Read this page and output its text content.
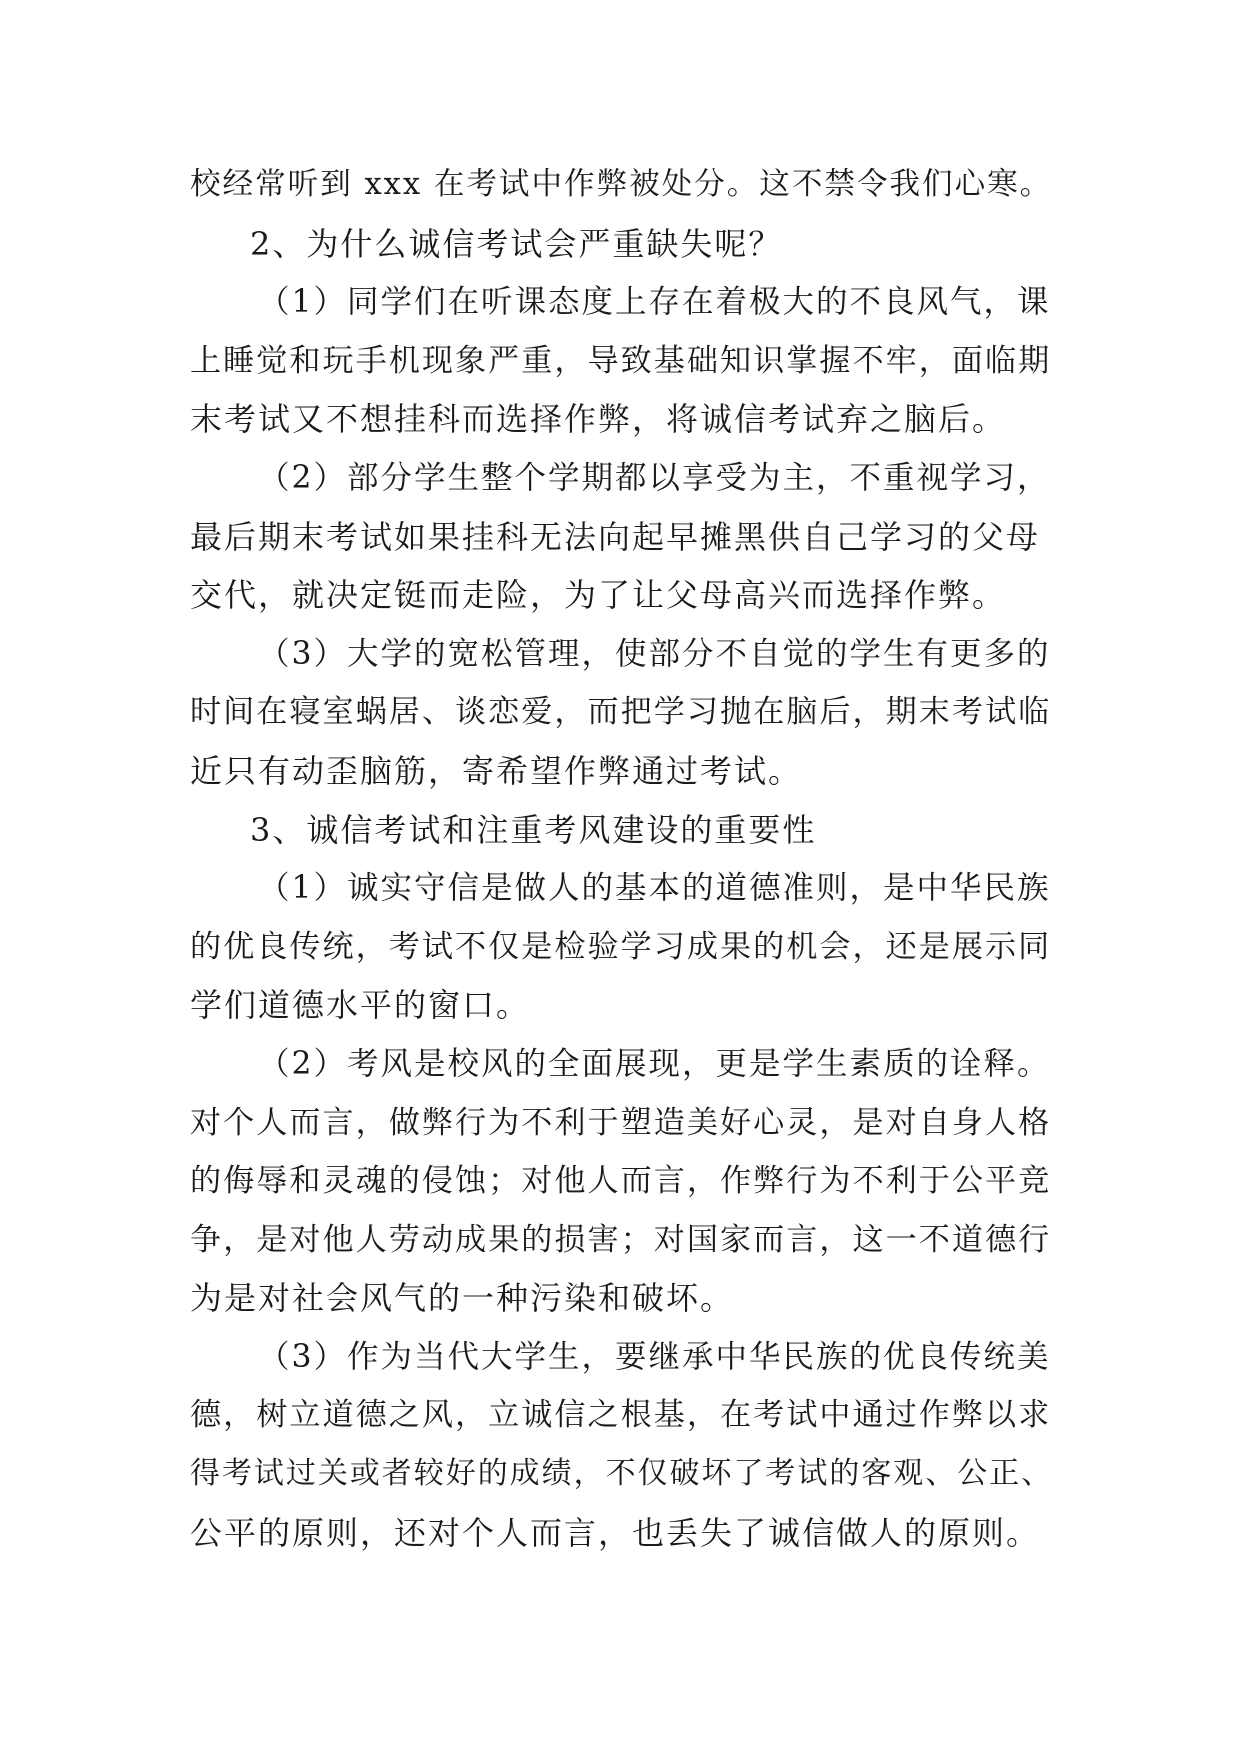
校经常听到 xxx 在考试中作弊被处分。这不禁令我们心寒。
2、为什么诚信考试会严重缺失呢？
（1）同学们在听课态度上存在着极大的不良风气，课
上睡觉和玩手机现象严重，导致基础知识掌握不牢，面临期
末考试又不想挂科而选择作弊，将诚信考试弃之脑后。
（2）部分学生整个学期都以享受为主，不重视学习，
最后期末考试如果挂科无法向起早摊黑供自己学习的父母
交代，就决定铤而走险，为了让父母高兴而选择作弊。
（3）大学的宽松管理，使部分不自觉的学生有更多的
时间在寝室蜗居、谈恋爱，而把学习抛在脑后，期末考试临
近只有动歪脑筋，寄希望作弊通过考试。
3、诚信考试和注重考风建设的重要性
（1）诚实守信是做人的基本的道德准则，是中华民族
的优良传统，考试不仅是检验学习成果的机会，还是展示同
学们道德水平的窗口。
（2）考风是校风的全面展现，更是学生素质的诠释。
对个人而言，做弊行为不利于塑造美好心灵，是对自身人格
的侮辱和灵魂的侵蚀；对他人而言，作弊行为不利于公平竞
争，是对他人劳动成果的损害；对国家而言，这一不道德行
为是对社会风气的一种污染和破坏。
（3）作为当代大学生，要继承中华民族的优良传统美
德，树立道德之风，立诚信之根基，在考试中通过作弊以求
得考试过关或者较好的成绩，不仅破坏了考试的客观、公正、
公平的原则，还对个人而言，也丢失了诚信做人的原则。
